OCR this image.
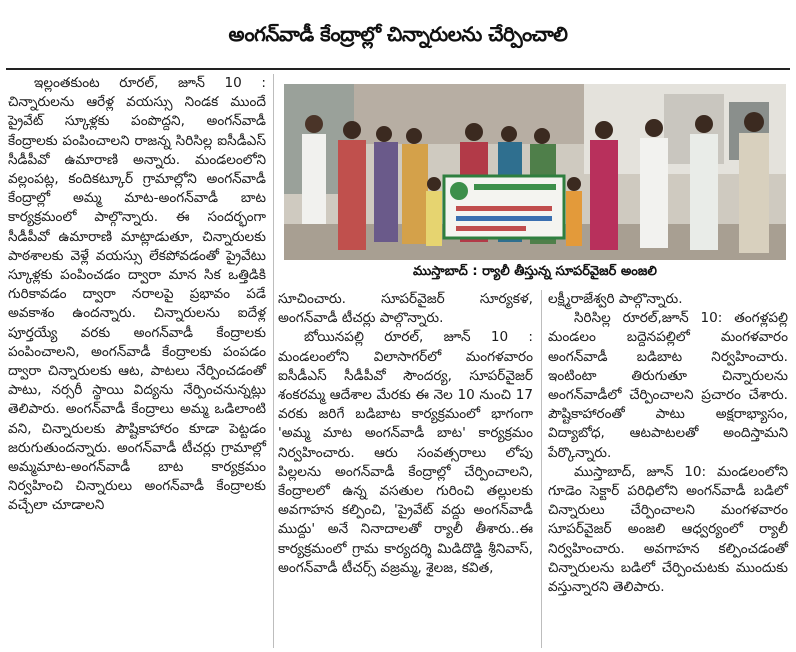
అంగన్‌వాడీ కేంద్రాల్లో చిన్నారులను చేర్పించాలి

ఇల్లంతకుంట రూరల్, జూన్ 10 : చిన్నారులను ఆరేళ్ల వయస్సు నిండక ముందే ప్రైవేట్ స్కూళ్లకు పంపొద్దని, అంగన్‌వాడీ కేంద్రాలకు పంపించాలని రాజన్న సిరిసిల్ల ఐసీడీఎస్ సీడీపీవో ఉమారాణి అన్నారు. మండలంలోని వల్లంపట్ల, కందికట్కూర్ గ్రామాల్లోని అంగన్‌వాడీ కేంద్రాల్లో అమ్మ మాట-అంగన్‌వాడీ బాట కార్యక్రమంలో పాల్గొన్నారు. ఈ సందర్భంగా సీడీపీవో ఉమారాణి మాట్లాడుతూ, చిన్నారులకు పాఠశాలకు వెళ్లే వయస్సు లేకపోవడంతో ప్రైవేటు స్కూళ్లకు పంపించడం ద్వారా మాన సిక ఒత్తిడికి గురికావడం ద్వారా నరాలపై ప్రభావం పడే అవకాశం ఉందన్నారు. చిన్నారులను ఐదేళ్ల పూర్తయ్యే వరకు అంగన్‌వాడీ కేంద్రాలకు పంపించాలని, అంగన్‌వాడీ కేంద్రాలకు పంపడం ద్వారా చిన్నారులకు ఆట, పాటలు నేర్పించడంతో పాటు, నర్సరీ స్థాయి విద్యను నేర్పించనున్నట్లు తెలిపారు. అంగన్‌వాడీ కేంద్రాలు అమ్మ ఒడిలాంటి వని, చిన్నారులకు పౌష్టికాహారం కూడా పెట్టడం జరుగుతుందన్నారు. అంగన్‌వాడీ టీచర్లు గ్రామాల్లో అమ్మమాట-అంగన్‌వాడీ బాట కార్యక్రమం నిర్వహించి చిన్నారులు అంగన్‌వాడీ కేంద్రాలకు వచ్చేలా చూడాలని

ముస్తాబాద్ : ర్యాలీ తీస్తున్న సూపర్‌వైజర్ అంజలి

సూచించారు. సూపర్‌వైజర్ సూర్యకళ, అంగన్‌వాడీ టీచర్లు పాల్గొన్నారు.

బోయినపల్లి రూరల్, జూన్ 10 : మండలంలోని విలాసాగర్‌లో మంగళవారం ఐసీడీఎస్ సీడీపీవో సౌందర్య, సూపర్‌వైజర్ శంకరమ్మ ఆదేశాల మేరకు ఈ నెల 10 నుంచి 17 వరకు జరిగే బడిబాట కార్యక్రమంలో భాగంగా 'అమ్మ మాట అంగన్‌వాడీ బాట' కార్యక్రమం నిర్వహించారు. ఆరు సంవత్సరాలు లోపు పిల్లలను అంగన్‌వాడీ కేంద్రాల్లో చేర్పించాలని, కేంద్రాలలో ఉన్న వసతుల గురించి తల్లులకు అవగాహన కల్పించి, 'ప్రైవేట్ వద్దు అంగన్‌వాడీ ముద్దు' అనే నినాదాలతో ర్యాలీ తీశారు..ఈ కార్యక్రమంలో గ్రామ కార్యదర్శి మిడిదొడ్డి శ్రీనివాస్, అంగన్‌వాడీ టీచర్స్ వజ్రమ్మ, శైలజ, కవిత,

లక్ష్మీరాజేశ్వరి పాల్గొన్నారు.

సిరిసిల్ల రూరల్,జూన్ 10: తంగళ్లపల్లి మండలం బద్దెనపల్లిలో మంగళవారం అంగన్‌వాడీ బడిబాట నిర్వహించారు. ఇంటింటా తిరుగుతూ చిన్నారులను అంగన్‌వాడీలో చేర్పించాలని ప్రచారం చేశారు. పౌష్టికాహారంతో పాటు అక్షరాభ్యాసం, విద్యాబోధ, ఆటపాటలతో అందిస్తామని పేర్కొన్నారు.

ముస్తాబాద్, జూన్ 10: మండలంలోని గూడెం సెక్టార్ పరిధిలోని అంగన్‌వాడీ బడిలో చిన్నారులు చేర్పించాలని మంగళవారం సూపర్‌వైజర్ అంజలి ఆధ్వర్యంలో ర్యాలీ నిర్వహించారు. అవగాహన కల్పించడంతో చిన్నారులను బడిలో చేర్పించుటకు ముందుకు వస్తున్నారని తెలిపారు.
